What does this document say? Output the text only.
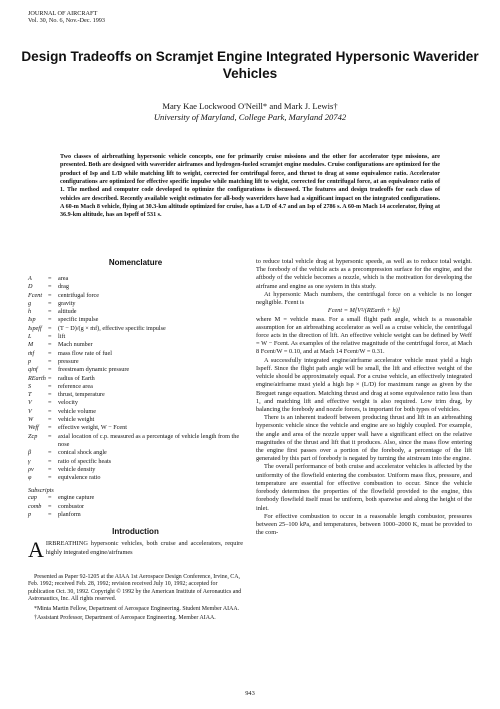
JOURNAL OF AIRCRAFT
Vol. 30, No. 6, Nov.-Dec. 1993
Design Tradeoffs on Scramjet Engine Integrated Hypersonic Waverider Vehicles
Mary Kae Lockwood O'Neill* and Mark J. Lewis†
University of Maryland, College Park, Maryland 20742
Two classes of airbreathing hypersonic vehicle concepts, one for primarily cruise missions and the other for accelerator type missions, are presented. Both are designed with waverider airframes and hydrogen-fueled scramjet engine modules. Cruise configurations are optimized for the product of Isp and L/D while matching lift to weight, corrected for centrifugal force, and thrust to drag at some equivalence ratio. Accelerator configurations are optimized for effective specific impulse while matching lift to weight, corrected for centrifugal force, at an equivalence ratio of 1. The method and computer code developed to optimize the configurations is discussed. The features and design tradeoffs for each class of vehicles are described. Recently available weight estimates for all-body waveriders have had a significant impact on the integrated configurations. A 60-m Mach 8 vehicle, flying at 30.3-km altitude optimized for cruise, has a L/D of 4.7 and an Isp of 2786 s. A 60-m Mach 14 accelerator, flying at 36.9-km altitude, has an Ispeff of 531 s.
Nomenclature
A	=	area
D	=	drag
Fcent =	centrifugal force
g	=	gravity
h	=	altitude
Isp	=	specific impulse
Ispeff	=	(T − D)/(g × ṁf), effective specific impulse
L	=	lift
M	=	Mach number
ṁf	=	mass flow rate of fuel
p	=	pressure
qinf	=	freestream dynamic pressure
REarth =	radius of Earth
S	=	reference area
T	=	thrust, temperature
V	=	velocity
V	=	vehicle volume
W	=	vehicle weight
Weff	=	effective weight, W − Fcent
Zcp	=	axial location of c.p. measured as a percentage of vehicle length from the nose
β	=	conical shock angle
γ	=	ratio of specific heats
ρv	=	vehicle density
φ	=	equivalence ratio
Subscripts
cap	=	engine capture
comb	=	combustor
p	=	planform
Introduction
AIRBREATHING hypersonic vehicles, both cruise and accelerators, require highly integrated engine/airframes

Presented as Paper 92-1205 at the AIAA 1st Aerospace Design Conference, Irvine, CA, Feb. 1992; received Feb. 28, 1992; revision received July 10, 1992; accepted for publication Oct. 30, 1992. Copyright © 1992 by the American Institute of Aeronautics and Astronautics, Inc. All rights reserved.

*Minta Martin Fellow, Department of Aerospace Engineering. Student Member AIAA.

†Assistant Professor, Department of Aerospace Engineering. Member AIAA.

to reduce total vehicle drag at hypersonic speeds, as well as to reduce total weight. The forebody of the vehicle acts as a precompression surface for the engine, and the aftbody of the vehicle becomes a nozzle, which is the motivation for developing the airframe and engine as one system in this study.

At hypersonic Mach numbers, the centrifugal force on a vehicle is no longer negligible. Fcent is

Fcent = M[V²/(REarth + h)]

where M = vehicle mass. For a small flight path angle, which is a reasonable assumption for an airbreathing accelerator as well as a cruise vehicle, the centrifugal force acts in the direction of lift. An effective vehicle weight can be defined by Weff = W − Fcent. As examples of the relative magnitude of the centrifugal force, at Mach 8 Fcent/W = 0.10, and at Mach 14 Fcent/W = 0.31.

A successfully integrated engine/airframe accelerator vehicle must yield a high Ispeff. Since the flight path angle will be small, the lift and effective weight of the vehicle should be approximately equal. For a cruise vehicle, an effectively integrated engine/airframe must yield a high Isp × (L/D) for maximum range as given by the Breguet range equation. Matching thrust and drag at some equivalence ratio less than 1, and matching lift and effective weight is also required. Low trim drag, by balancing the forebody and nozzle forces, is important for both types of vehicles.

There is an inherent tradeoff between producing thrust and lift in an airbreathing hypersonic vehicle since the vehicle and engine are so highly coupled. For example, the angle and area of the nozzle upper wall have a significant effect on the relative magnitudes of the thrust and lift that it produces. Also, since the mass flow entering the engine first passes over a portion of the forebody, a percentage of the lift generated by this part of forebody is negated by turning the airstream into the engine.

The overall performance of both cruise and accelerator vehicles is affected by the uniformity of the flowfield entering the combustor. Uniform mass flux, pressure, and temperature are essential for effective combustion to occur. Since the vehicle forebody determines the properties of the flowfield provided to the engine, this forebody flowfield itself must be uniform, both spanwise and along the height of the inlet.

For effective combustion to occur in a reasonable length combustor, pressures between 25–100 kPa, and temperatures, between 1000–2000 K, must be provided to the com-

943
